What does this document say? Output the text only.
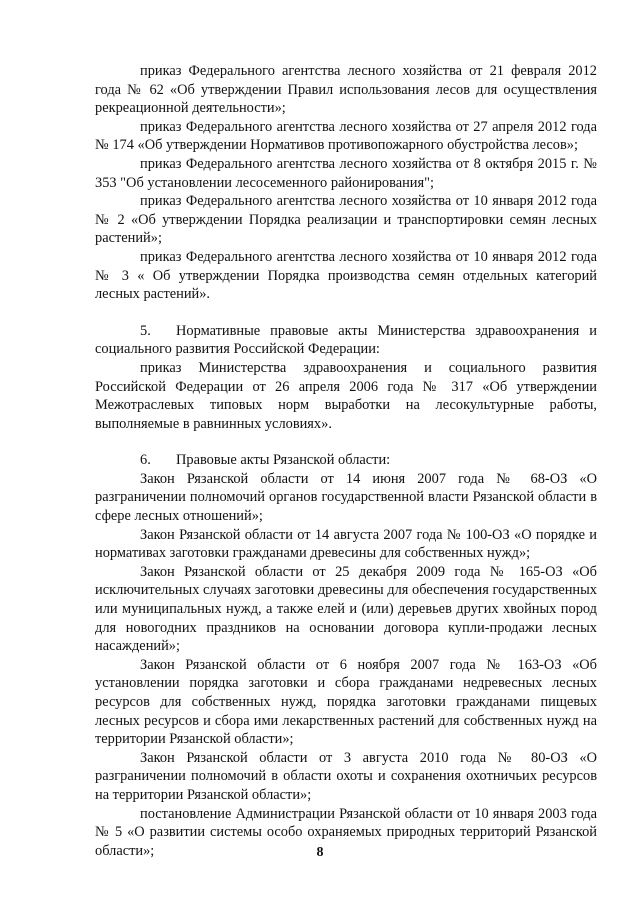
приказ Федерального агентства лесного хозяйства от 21 февраля 2012 года № 62 «Об утверждении Правил использования лесов для осуществления рекреационной деятельности»;

приказ Федерального агентства лесного хозяйства от 27 апреля 2012 года № 174 «Об утверждении Нормативов противопожарного обустройства лесов»;

приказ Федерального агентства лесного хозяйства от 8 октября 2015 г. № 353 "Об установлении лесосеменного районирования";

приказ Федерального агентства лесного хозяйства от 10 января 2012 года № 2 «Об утверждении Порядка реализации и транспортировки семян лесных растений»;

приказ Федерального агентства лесного хозяйства от 10 января 2012 года № 3 « Об утверждении Порядка производства семян отдельных категорий лесных растений».

5. Нормативные правовые акты Министерства здравоохранения и социального развития Российской Федерации:

приказ Министерства здравоохранения и социального развития Российской Федерации от 26 апреля 2006 года № 317 «Об утверждении Межотраслевых типовых норм выработки на лесокультурные работы, выполняемые в равнинных условиях».

6. Правовые акты Рязанской области:

Закон Рязанской области от 14 июня 2007 года № 68-ОЗ «О разграничении полномочий органов государственной власти Рязанской области в сфере лесных отношений»;

Закон Рязанской области от 14 августа 2007 года № 100-ОЗ «О порядке и нормативах заготовки гражданами древесины для собственных нужд»;

Закон Рязанской области от 25 декабря 2009 года № 165-ОЗ «Об исключительных случаях заготовки древесины для обеспечения государственных или муниципальных нужд, а также елей и (или) деревьев других хвойных пород для новогодних праздников на основании договора купли-продажи лесных насаждений»;

Закон Рязанской области от 6 ноября 2007 года № 163-ОЗ «Об установлении порядка заготовки и сбора гражданами недревесных лесных ресурсов для собственных нужд, порядка заготовки гражданами пищевых лесных ресурсов и сбора ими лекарственных растений для собственных нужд на территории Рязанской области»;

Закон Рязанской области от 3 августа 2010 года № 80-ОЗ «О разграничении полномочий в области охоты и сохранения охотничьих ресурсов на территории Рязанской области»;

постановление Администрации Рязанской области от 10 января 2003 года № 5 «О развитии системы особо охраняемых природных территорий Рязанской области»;	8
